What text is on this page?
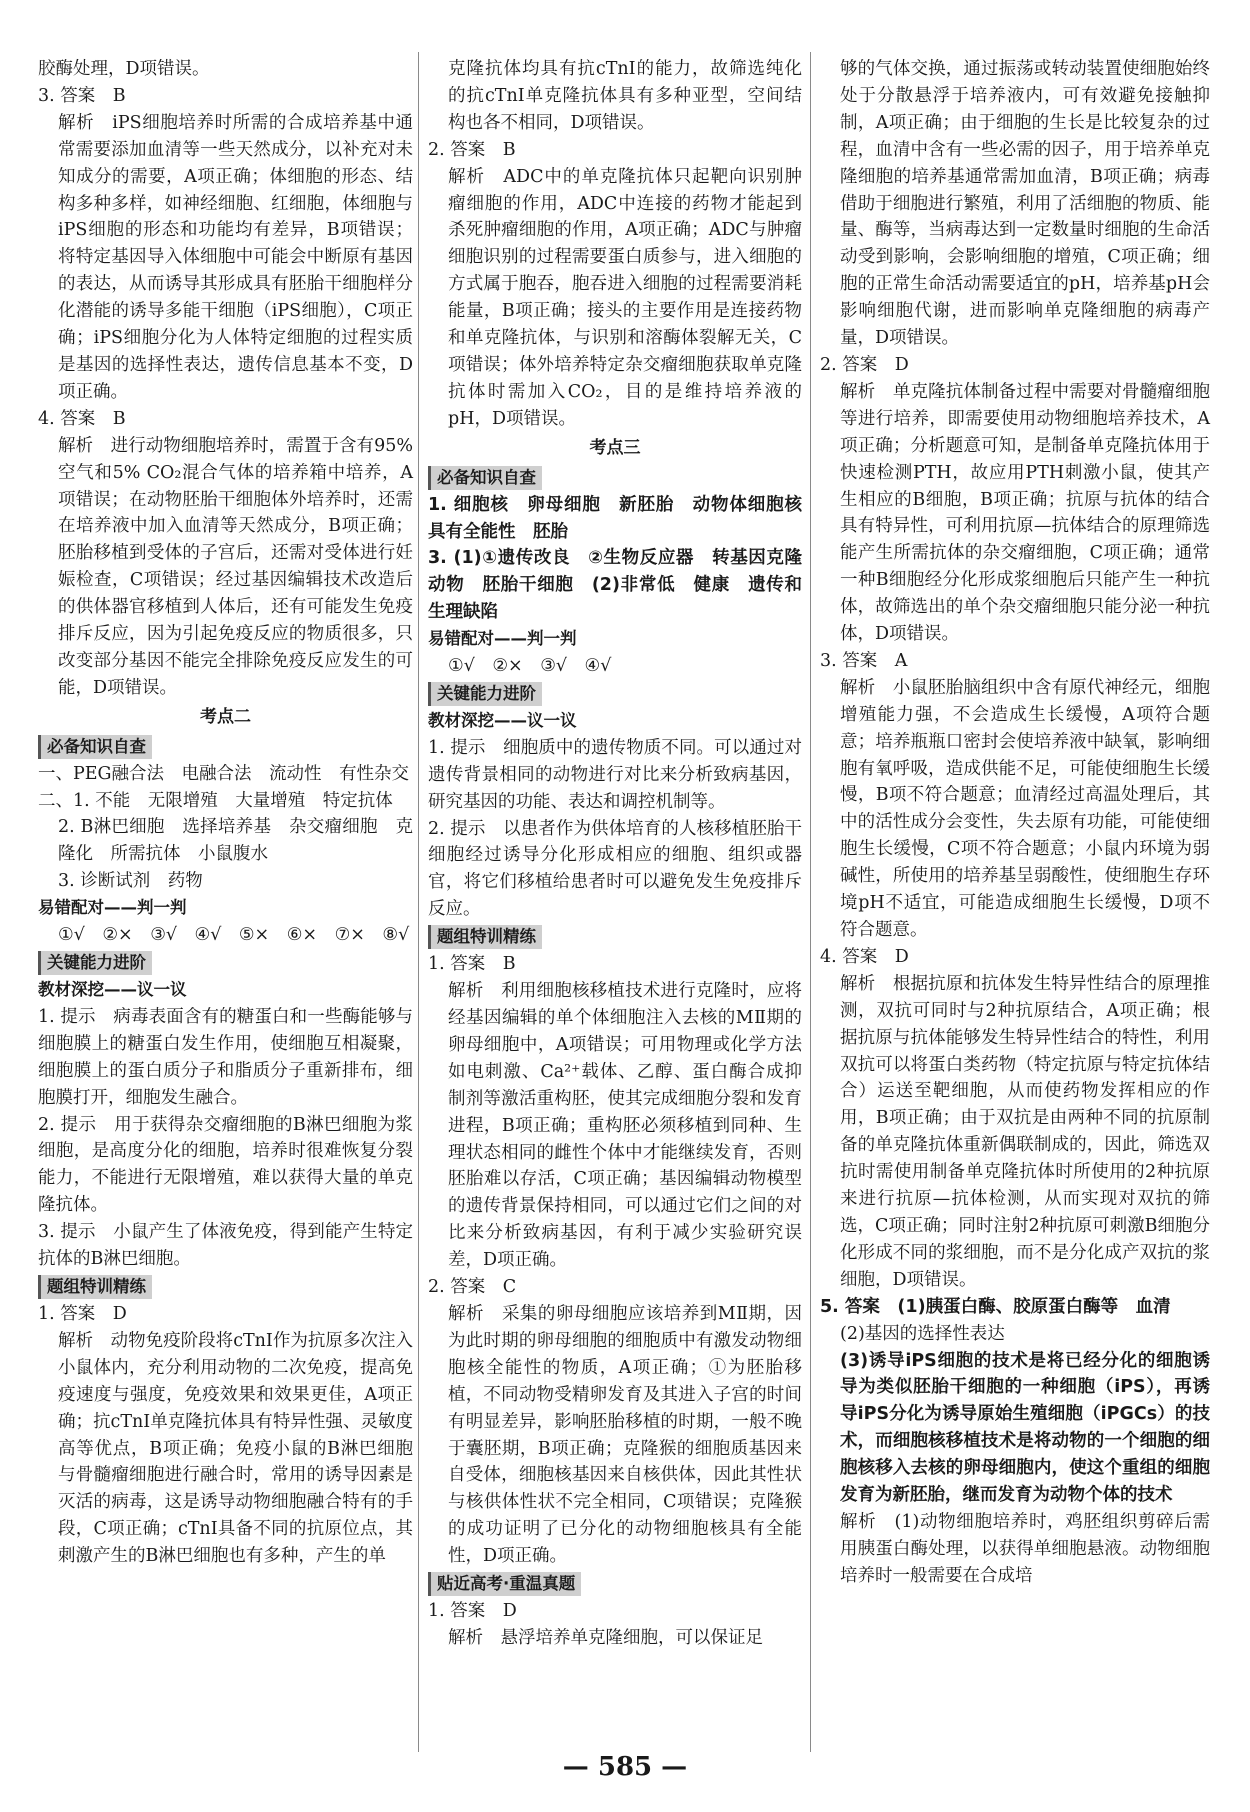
胶酶处理，D项错误。

3. 答案　B

解析　iPS细胞培养时所需的合成培养基中通常需要添加血清等一些天然成分，以补充对未知成分的需要，A项正确；体细胞的形态、结构多种多样，如神经细胞、红细胞，体细胞与iPS细胞的形态和功能均有差异，B项错误；将特定基因导入体细胞中可能会中断原有基因的表达，从而诱导其形成具有胚胎干细胞样分化潜能的诱导多能干细胞（iPS细胞），C项正确；iPS细胞分化为人体特定细胞的过程实质是基因的选择性表达，遗传信息基本不变，D项正确。

4. 答案　B

解析　进行动物细胞培养时，需置于含有95%空气和5% CO₂混合气体的培养箱中培养，A项错误；在动物胚胎干细胞体外培养时，还需在培养液中加入血清等天然成分，B项正确；胚胎移植到受体的子宫后，还需对受体进行妊娠检查，C项错误；经过基因编辑技术改造后的供体器官移植到人体后，还有可能发生免疫排斥反应，因为引起免疫反应的物质很多，只改变部分基因不能完全排除免疫反应发生的可能，D项错误。

考点二

必备知识自查

一、PEG融合法　电融合法　流动性　有性杂交

二、1. 不能　无限增殖　大量增殖　特定抗体

2. B淋巴细胞　选择培养基　杂交瘤细胞　克隆化　所需抗体　小鼠腹水

3. 诊断试剂　药物

易错配对——判一判

①√　②×　③√　④√　⑤×　⑥×　⑦×　⑧√

关键能力进阶
教材深挖——议一议

1. 提示　病毒表面含有的糖蛋白和一些酶能够与细胞膜上的糖蛋白发生作用，使细胞互相凝聚，细胞膜上的蛋白质分子和脂质分子重新排布，细胞膜打开，细胞发生融合。

2. 提示　用于获得杂交瘤细胞的B淋巴细胞为浆细胞，是高度分化的细胞，培养时很难恢复分裂能力，不能进行无限增殖，难以获得大量的单克隆抗体。

3. 提示　小鼠产生了体液免疫，得到能产生特定抗体的B淋巴细胞。

题组特训精练

1. 答案　D

解析　动物免疫阶段将cTnI作为抗原多次注入小鼠体内，充分利用动物的二次免疫，提高免疫速度与强度，免疫效果和效果更佳，A项正确；抗cTnI单克隆抗体具有特异性强、灵敏度高等优点，B项正确；免疫小鼠的B淋巴细胞与骨髓瘤细胞进行融合时，常用的诱导因素是灭活的病毒，这是诱导动物细胞融合特有的手段，C项正确；cTnI具备不同的抗原位点，其刺激产生的B淋巴细胞也有多种，产生的单

克隆抗体均具有抗cTnI的能力，故筛选纯化的抗cTnI单克隆抗体具有多种亚型，空间结构也各不相同，D项错误。

2. 答案　B

解析　ADC中的单克隆抗体只起靶向识别肿瘤细胞的作用，ADC中连接的药物才能起到杀死肿瘤细胞的作用，A项正确；ADC与肿瘤细胞识别的过程需要蛋白质参与，进入细胞的方式属于胞吞，胞吞进入细胞的过程需要消耗能量，B项正确；接头的主要作用是连接药物和单克隆抗体，与识别和溶酶体裂解无关，C项错误；体外培养特定杂交瘤细胞获取单克隆抗体时需加入CO₂，目的是维持培养液的pH，D项错误。

考点三

必备知识自查

1. 细胞核　卵母细胞　新胚胎　动物体细胞核具有全能性　胚胎

3. (1)①遗传改良　②生物反应器　转基因克隆动物　胚胎干细胞　(2)非常低　健康　遗传和生理缺陷

易错配对——判一判

①√　②×　③√　④√

关键能力进阶
教材深挖——议一议

1. 提示　细胞质中的遗传物质不同。可以通过对遗传背景相同的动物进行对比来分析致病基因，研究基因的功能、表达和调控机制等。

2. 提示　以患者作为供体培育的人核移植胚胎干细胞经过诱导分化形成相应的细胞、组织或器官，将它们移植给患者时可以避免发生免疫排斥反应。

题组特训精练

1. 答案　B

解析　利用细胞核移植技术进行克隆时，应将经基因编辑的单个体细胞注入去核的MⅡ期的卵母细胞中，A项错误；可用物理或化学方法如电刺激、Ca²⁺载体、乙醇、蛋白酶合成抑制剂等激活重构胚，使其完成细胞分裂和发育进程，B项正确；重构胚必须移植到同种、生理状态相同的雌性个体中才能继续发育，否则胚胎难以存活，C项正确；基因编辑动物模型的遗传背景保持相同，可以通过它们之间的对比来分析致病基因，有利于减少实验研究误差，D项正确。

2. 答案　C

解析　采集的卵母细胞应该培养到MⅡ期，因为此时期的卵母细胞的细胞质中有激发动物细胞核全能性的物质，A项正确；①为胚胎移植，不同动物受精卵发育及其进入子宫的时间有明显差异，影响胚胎移植的时期，一般不晚于囊胚期，B项正确；克隆猴的细胞质基因来自受体，细胞核基因来自核供体，因此其性状与核供体性状不完全相同，C项错误；克隆猴的成功证明了已分化的动物细胞核具有全能性，D项正确。

贴近高考·重温真题

1. 答案　D

解析　悬浮培养单克隆细胞，可以保证足

够的气体交换，通过振荡或转动装置使细胞始终处于分散悬浮于培养液内，可有效避免接触抑制，A项正确；由于细胞的生长是比较复杂的过程，血清中含有一些必需的因子，用于培养单克隆细胞的培养基通常需加血清，B项正确；病毒借助于细胞进行繁殖，利用了活细胞的物质、能量、酶等，当病毒达到一定数量时细胞的生命活动受到影响，会影响细胞的增殖，C项正确；细胞的正常生命活动需要适宜的pH，培养基pH会影响细胞代谢，进而影响单克隆细胞的病毒产量，D项错误。

2. 答案　D

解析　单克隆抗体制备过程中需要对骨髓瘤细胞等进行培养，即需要使用动物细胞培养技术，A项正确；分析题意可知，是制备单克隆抗体用于快速检测PTH，故应用PTH刺激小鼠，使其产生相应的B细胞，B项正确；抗原与抗体的结合具有特异性，可利用抗原—抗体结合的原理筛选能产生所需抗体的杂交瘤细胞，C项正确；通常一种B细胞经分化形成浆细胞后只能产生一种抗体，故筛选出的单个杂交瘤细胞只能分泌一种抗体，D项错误。

3. 答案　A

解析　小鼠胚胎脑组织中含有原代神经元，细胞增殖能力强，不会造成生长缓慢，A项符合题意；培养瓶瓶口密封会使培养液中缺氧，影响细胞有氧呼吸，造成供能不足，可能使细胞生长缓慢，B项不符合题意；血清经过高温处理后，其中的活性成分会变性，失去原有功能，可能使细胞生长缓慢，C项不符合题意；小鼠内环境为弱碱性，所使用的培养基呈弱酸性，使细胞生存环境pH不适宜，可能造成细胞生长缓慢，D项不符合题意。

4. 答案　D

解析　根据抗原和抗体发生特异性结合的原理推测，双抗可同时与2种抗原结合，A项正确；根据抗原与抗体能够发生特异性结合的特性，利用双抗可以将蛋白类药物（特定抗原与特定抗体结合）运送至靶细胞，从而使药物发挥相应的作用，B项正确；由于双抗是由两种不同的抗原制备的单克隆抗体重新偶联制成的，因此，筛选双抗时需使用制备单克隆抗体时所使用的2种抗原来进行抗原—抗体检测，从而实现对双抗的筛选，C项正确；同时注射2种抗原可刺激B细胞分化形成不同的浆细胞，而不是分化成产双抗的浆细胞，D项错误。

5. 答案　(1)胰蛋白酶、胶原蛋白酶等　血清

(2)基因的选择性表达

(3)诱导iPS细胞的技术是将已经分化的细胞诱导为类似胚胎干细胞的一种细胞（iPS），再诱导iPS分化为诱导原始生殖细胞（iPGCs）的技术，而细胞核移植技术是将动物的一个细胞的细胞核移入去核的卵母细胞内，使这个重组的细胞发育为新胚胎，继而发育为动物个体的技术

解析　(1)动物细胞培养时，鸡胚组织剪碎后需用胰蛋白酶处理，以获得单细胞悬液。动物细胞培养时一般需要在合成培

— 585 —
